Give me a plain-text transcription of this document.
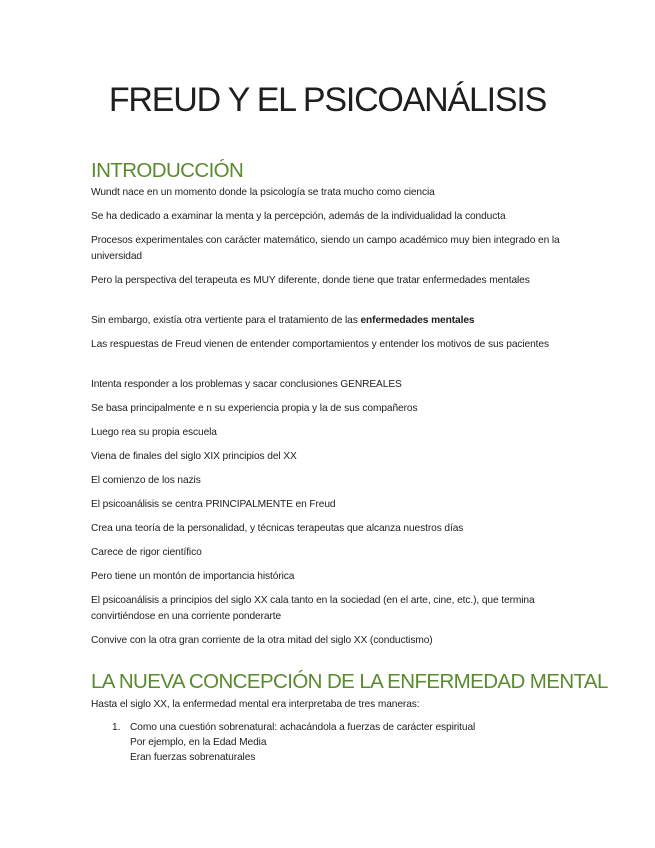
FREUD Y EL PSICOANÁLISIS
INTRODUCCIÓN

Wundt nace en un momento donde la psicología se trata mucho como ciencia

Se ha dedicado a examinar la menta y la percepción, además de la individualidad la conducta

Procesos experimentales con carácter matemático, siendo un campo académico muy bien integrado en la universidad

Pero la perspectiva del terapeuta es MUY diferente, donde tiene que tratar enfermedades mentales

Sin embargo, existía otra vertiente para el tratamiento de las enfermedades mentales

Las respuestas de Freud vienen de entender comportamientos y entender los motivos de sus pacientes

Intenta responder a los problemas y sacar conclusiones GENREALES

Se basa principalmente e n su experiencia propia y la de sus compañeros

Luego rea su propia escuela

Viena de finales del siglo XIX principios del XX

El comienzo de los nazis

El psicoanálisis se centra PRINCIPALMENTE en Freud

Crea una teoría de la personalidad, y técnicas terapeutas que alcanza nuestros días

Carece de rigor científico

Pero tiene un montón de importancia histórica

El psicoanálisis a principios del siglo XX cala tanto en la sociedad (en el arte, cine, etc.), que termina convirtiéndose en una corriente ponderarte

Convive con la otra gran corriente de la otra mitad del siglo XX (conductismo)

LA NUEVA CONCEPCIÓN DE LA ENFERMEDAD MENTAL

Hasta el siglo XX, la enfermedad mental era interpretaba de tres maneras:

1. Como una cuestión sobrenatural: achacándola a fuerzas de carácter espiritual
Por ejemplo, en la Edad Media
Eran fuerzas sobrenaturales
